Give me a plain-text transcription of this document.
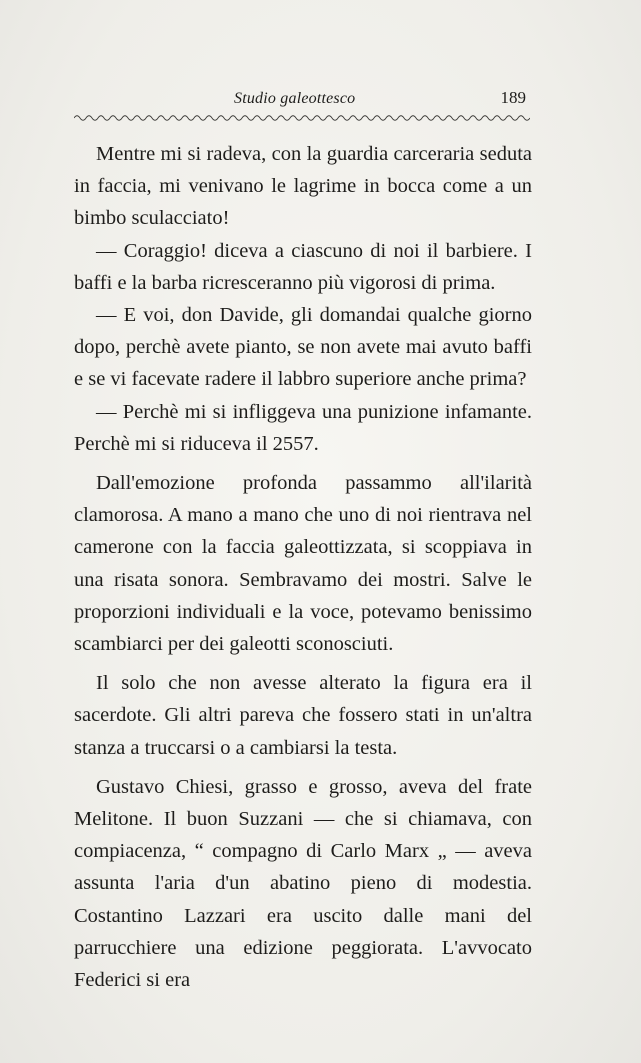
Studio galeottesco	189

Mentre mi si radeva, con la guardia carceraria seduta in faccia, mi venivano le lagrime in bocca come a un bimbo sculacciato!

— Coraggio! diceva a ciascuno di noi il barbiere. I baffi e la barba ricresceranno più vigorosi di prima.

— E voi, don Davide, gli domandai qualche giorno dopo, perchè avete pianto, se non avete mai avuto baffi e se vi facevate radere il labbro superiore anche prima?

— Perchè mi si infliggeva una punizione infamante. Perchè mi si riduceva il 2557.

Dall'emozione profonda passammo all'ilarità clamorosa. A mano a mano che uno di noi rientrava nel camerone con la faccia galeottizzata, si scoppiava in una risata sonora. Sembravamo dei mostri. Salve le proporzioni individuali e la voce, potevamo benissimo scambiarci per dei galeotti sconosciuti.

Il solo che non avesse alterato la figura era il sacerdote. Gli altri pareva che fossero stati in un'altra stanza a truccarsi o a cambiarsi la testa.

Gustavo Chiesi, grasso e grosso, aveva del frate Melitone. Il buon Suzzani — che si chiamava, con compiacenza, “ compagno di Carlo Marx „ — aveva assunta l'aria d'un abatino pieno di modestia. Costantino Lazzari era uscito dalle mani del parrucchiere una edizione peggiorata. L'avvocato Federici si era
